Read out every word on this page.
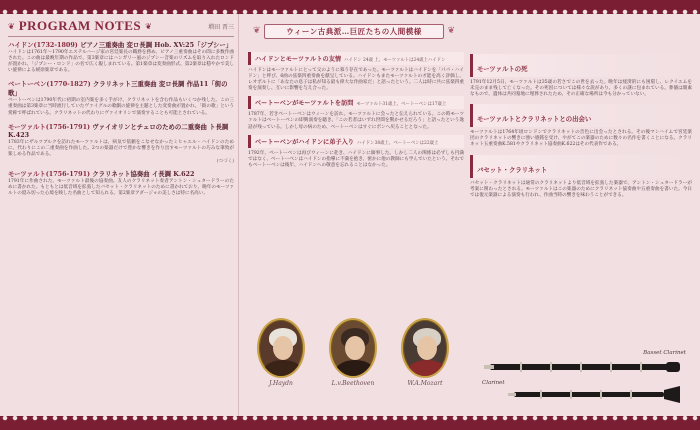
❦ PROGRAM NOTES ❦	増田 晋三
ハイドン(1732-1809) ピアノ三重奏曲 変ロ長調 Hob. XV:25「ジプシー」

ハイドンは1761年～1790年エステルハージ家の宮廷楽長の職務を務め、ピアノ三重奏曲はその間に多数作曲された。この曲は最晩年期の作品で、第3楽章にはハンガリー風のジプシー音楽のリズムを取り入れたロンドが置かれ、「ジプシー・ロンド」の名で広く親しまれている。第1楽章は変奏曲形式、第2楽章は穏やかで美しい旋律による緩徐楽章である。

ベートーベン(1770-1827) クラリネット三重奏曲 変ロ長調 作品11「街の歌」

ベートーベンは1790年代に初期の室内楽を多く手がけ、クラリネットを含む作品もいくつか残した。この三重奏曲は第3楽章に当時流行していたヴァイグルの歌劇の旋律を主題とした変奏曲が置かれ、「街の歌」という愛称で呼ばれている。クラリネットの代わりにヴァイオリンで演奏することも可能とされている。

モーツァルト(1756-1791) ヴァイオリンとチェロのための二重奏曲 ト長調 K.423

1783年にザルツブルクを訪れたモーツァルトは、病気で依頼をこなせなかったミヒャエル・ハイドンのために、代わりにこの二重奏曲を作曲した。2つの楽器だけで豊かな響きを作り出すモーツァルトの巧みな筆致が楽しめる作品である。

(つづく)

モーツァルト(1756-1791) クラリネット協奏曲 イ長調 K.622

1791年に作曲された、モーツァルト最後の協奏曲。友人のクラリネット奏者アントン・シュタードラーのために書かれた。もともとは低音域を拡張したバセット・クラリネットのために書かれており、晩年のモーツァルトの澄み切った心境を映した名曲として知られる。第2楽章アダージョの美しさは特に名高い。

❦ ウィーン古典派…巨匠たちの人間模様
❦
ハイドンとモーツァルトの友情 ハイドン 24歳 上、モーツァルトは24歳上ハイドン

ハイドンはモーツァルトにとって父のように慕う存在であった。モーツァルトはハイドンを「パパ・ハイドン」と呼び、6曲の弦楽四重奏曲を献呈している。ハイドンもまたモーツァルトの才能を高く評価し、レオポルトに「あなたの息子は私が知る最も偉大な作曲家だ」と語ったという。二人は時に共に弦楽四重奏を演奏し、互いに影響を与え合った。

ベートーベンがモーツァルトを訪問 モーツァルト31歳上、ベートーベンは17歳上

1787年、若きベートーベンはウィーンを訪れ、モーツァルトに会ったと伝えられている。この時モーツァルトはベートーベンの即興演奏を聴き、「この若者はいずれ世間を驚かせるだろう」と語ったという逸話が残っている。しかし母の病のため、ベートーベンはすぐにボンへ戻ることとなった。

ベートーベンがハイドンに弟子入り ハイドン38歳上、ベートーベンは22歳上

1792年、ベートーベンは再びウィーンに赴き、ハイドンに師事した。しかし二人の関係は必ずしも円満ではなく、ベートーベンはハイドンの指導に不満を抱き、密かに他の教師にも学んでいたという。それでもベートーベンは後年、ハイドンへの敬意を忘れることはなかった。

J.Haydn	L.v.Beethoven	W.A.Mozart
モーツァルトの死

1791年12月5日、モーツァルトは35歳の若さでこの世を去った。晩年は経済的にも困窮し、レクイエムを未完のまま残して亡くなった。その死因については様々な説があり、多くの謎に包まれている。葬儀は簡素なもので、遺体は共同墓地に埋葬されたため、その正確な場所は今も分かっていない。

モーツァルトとクラリネットとの出会い

モーツァルトは1764年頃ロンドンでクラリネットの音色に出会ったとされる。その後マンハイムで宮廷楽団のクラリネットの響きに強い感銘を受け、やがてこの楽器のために数々の名作を書くことになる。クラリネット五重奏曲K.581やクラリネット協奏曲K.622はその代表作である。

バセット・クラリネット

バセット・クラリネットは通常のクラリネットより低音域を拡張した楽器で、アントン・シュタードラーが考案に関わったとされる。モーツァルトはこの楽器のためにクラリネット協奏曲や五重奏曲を書いた。今日では復元楽器による演奏も行われ、作曲当時の響きを味わうことができる。

Basset Clarinet
Clarinet
